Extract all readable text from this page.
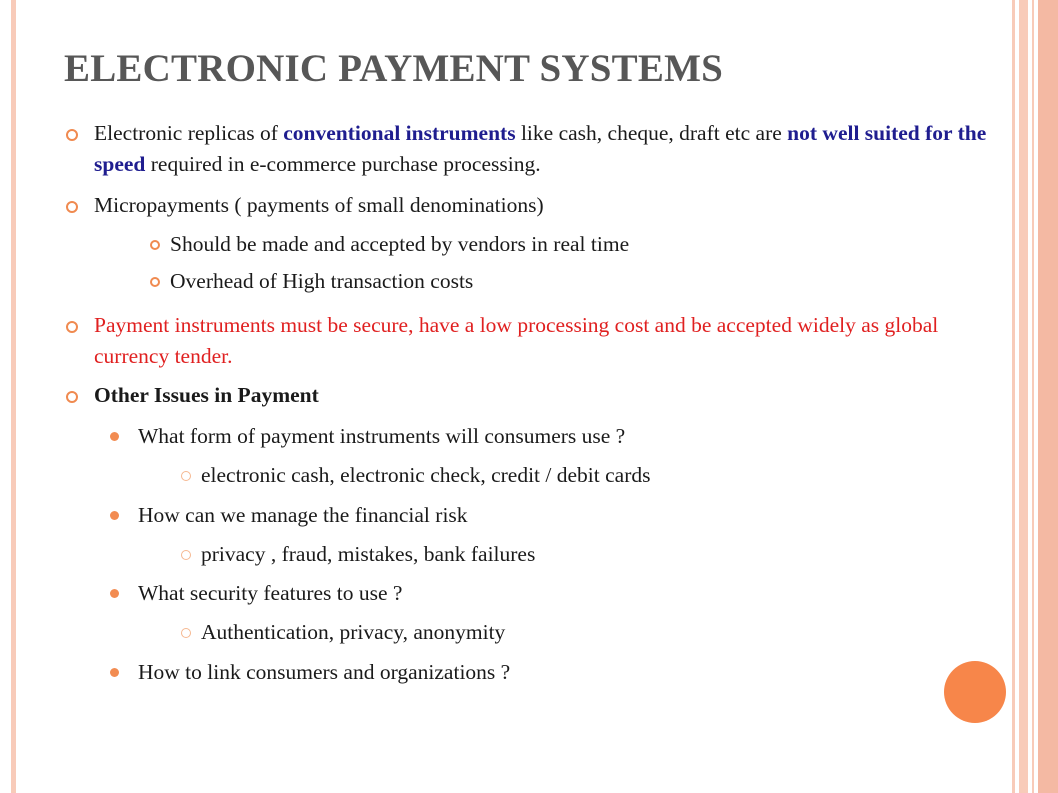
ELECTRONIC PAYMENT SYSTEMS
Electronic replicas of conventional instruments like cash, cheque, draft etc are not well suited for the speed required in e-commerce purchase processing.
Micropayments ( payments of small denominations)
Should be made and accepted by vendors in real time
Overhead of High transaction costs
Payment instruments must be secure, have a low processing cost and be accepted widely as global currency tender.
Other Issues in Payment
What form of payment instruments will consumers use ?
electronic cash, electronic check, credit / debit cards
How can we manage the financial risk
privacy , fraud, mistakes, bank failures
What security features to use ?
Authentication, privacy, anonymity
How to link consumers and organizations ?
